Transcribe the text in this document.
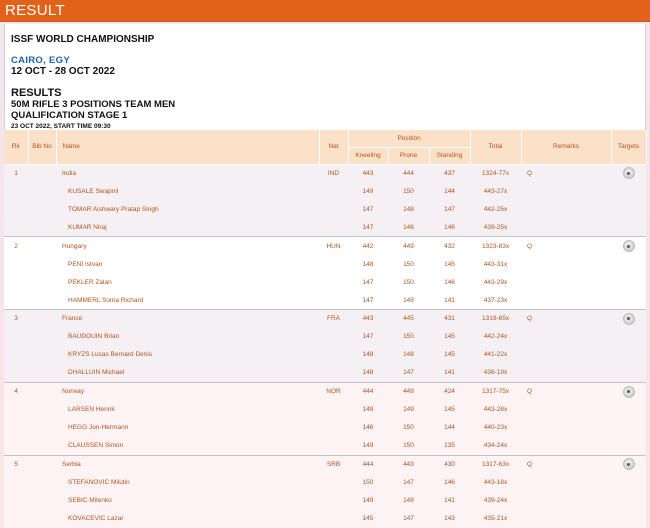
RESULT
ISSF WORLD CHAMPIONSHIP
CAIRO, EGY
12 OCT - 28 OCT 2022
RESULTS
50M RIFLE 3 POSITIONS TEAM MEN
QUALIFICATION STAGE 1
23 OCT 2022, START TIME 09:30
Rk	Bib No	Name	Nat	Position			Total	Remarks	Targets
				Kneeling	Prone	Standing			
1		India	IND	443	444	437	1324-77x	Q	
		KUSALE Swapnil		149	150	144	443-27x		
		TOMAR Aishwary Pratap Singh		147	148	147	442-25x		
		KUMAR Niraj		147	146	146	439-25x		
2		Hungary	HUN	442	449	432	1323-83x	Q	
		PENI Istvan		148	150	145	443-31x		
		PEKLER Zalan		147	150	146	443-29x		
		HAMMERL Soma Richard		147	149	141	437-23x		
3		France	FRA	443	445	431	1319-65x	Q	
		BAUDOUIN Brian		147	150	145	442-24x		
		KRYZS Lucas Bernard Denis		148	148	145	441-22x		
		DHALLUIN Michael		148	147	141	436-19x		
4		Norway	NOR	444	449	424	1317-75x	Q	
		LARSEN Henrik		149	149	145	443-28x		
		HEGG Jon-Hermann		146	150	144	440-23x		
		CLAUSSEN Simon		149	150	135	434-24x		
5		Serbia	SRB	444	443	430	1317-63x	Q	
		STEFANOVIC Milutin		150	147	146	443-18x		
		SEBIC Milenko		149	149	141	439-24x		
		KOVACEVIC Lazar		145	147	143	435-21x		
